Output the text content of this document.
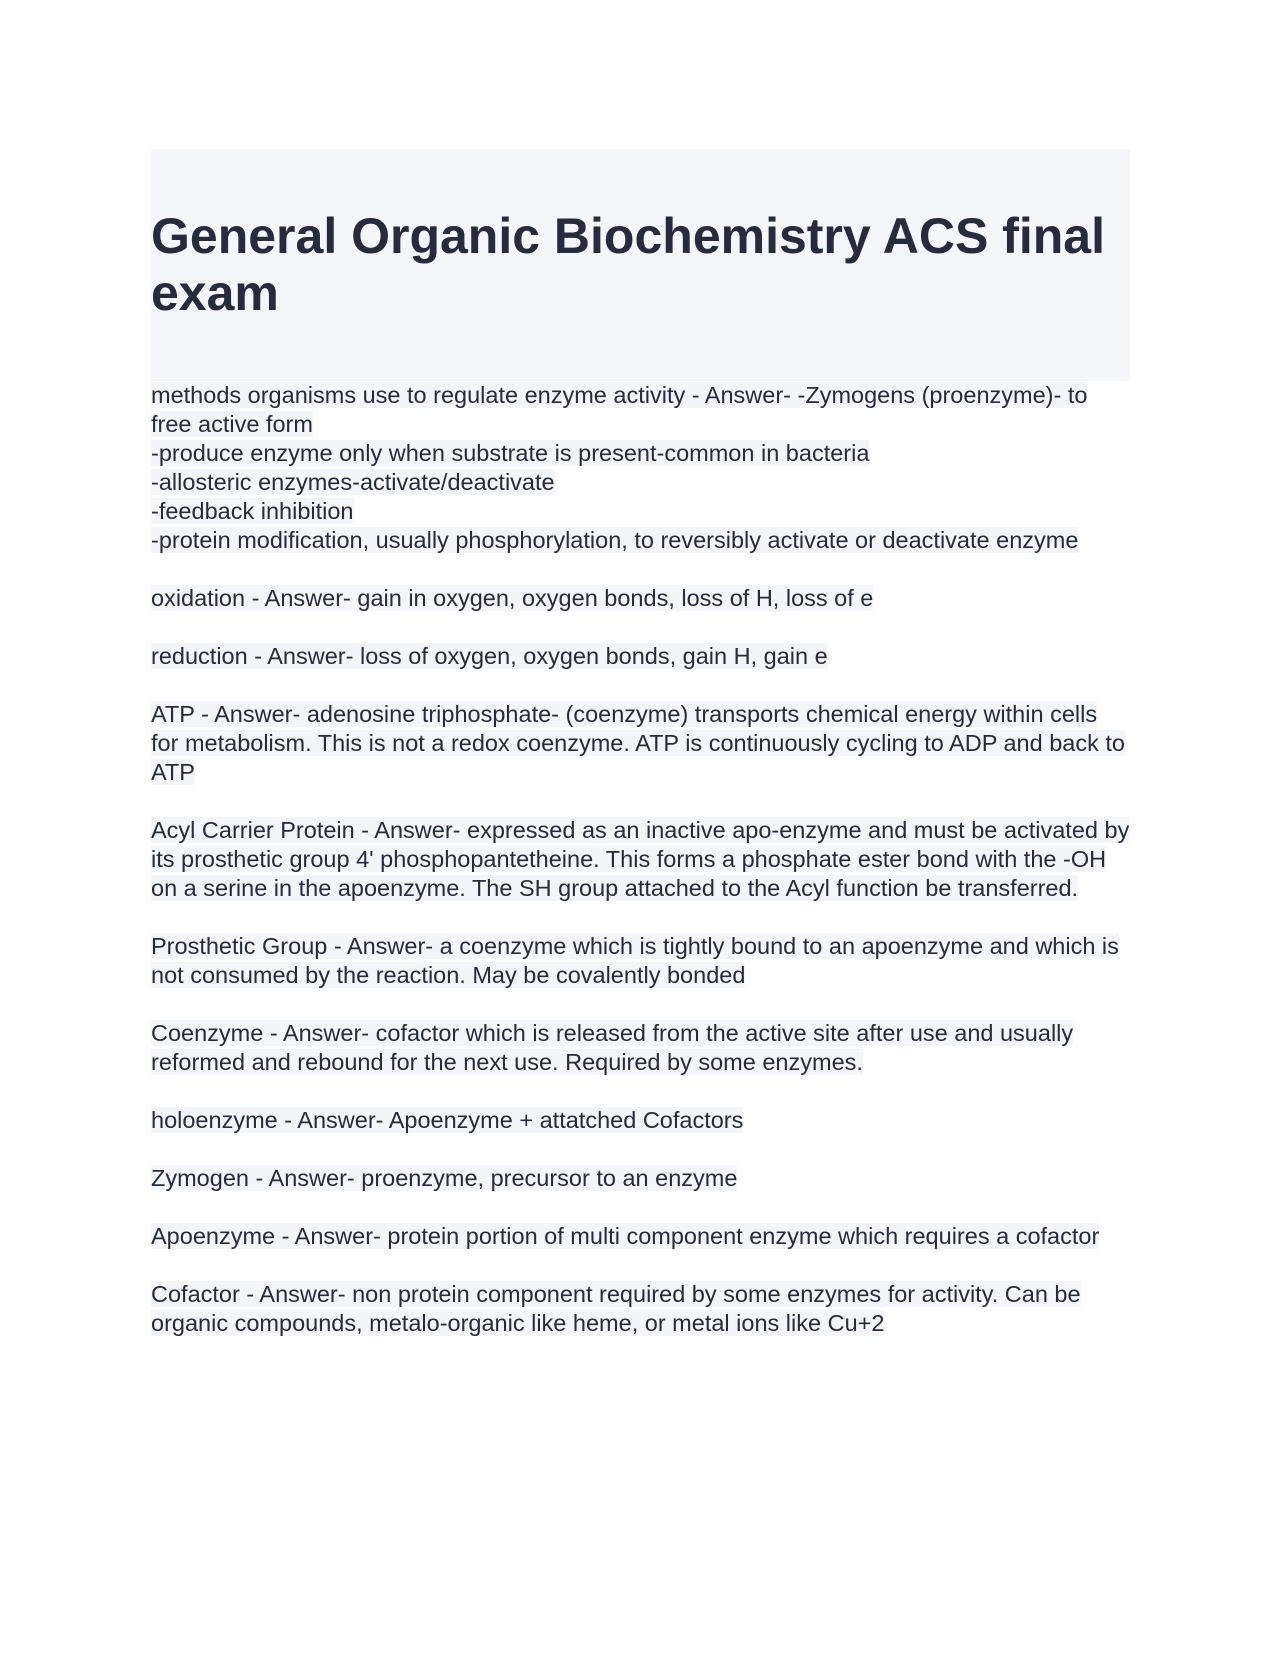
General Organic Biochemistry ACS final exam
methods organisms use to regulate enzyme activity - Answer- -Zymogens (proenzyme)- to free active form
-produce enzyme only when substrate is present-common in bacteria
-allosteric enzymes-activate/deactivate
-feedback inhibition
-protein modification, usually phosphorylation, to reversibly activate or deactivate enzyme
oxidation - Answer- gain in oxygen, oxygen bonds, loss of H, loss of e
reduction - Answer- loss of oxygen, oxygen bonds, gain H, gain e
ATP - Answer- adenosine triphosphate- (coenzyme) transports chemical energy within cells for metabolism. This is not a redox coenzyme. ATP is continuously cycling to ADP and back to ATP
Acyl Carrier Protein - Answer- expressed as an inactive apo-enzyme and must be activated by its prosthetic group 4' phosphopantetheine. This forms a phosphate ester bond with the -OH on a serine in the apoenzyme. The SH group attached to the Acyl function be transferred.
Prosthetic Group - Answer- a coenzyme which is tightly bound to an apoenzyme and which is not consumed by the reaction. May be covalently bonded
Coenzyme - Answer- cofactor which is released from the active site after use and usually reformed and rebound for the next use. Required by some enzymes.
holoenzyme - Answer- Apoenzyme + attatched Cofactors
Zymogen - Answer- proenzyme, precursor to an enzyme
Apoenzyme - Answer- protein portion of multi component enzyme which requires a cofactor
Cofactor - Answer- non protein component required by some enzymes for activity. Can be organic compounds, metalo-organic like heme, or metal ions like Cu+2
